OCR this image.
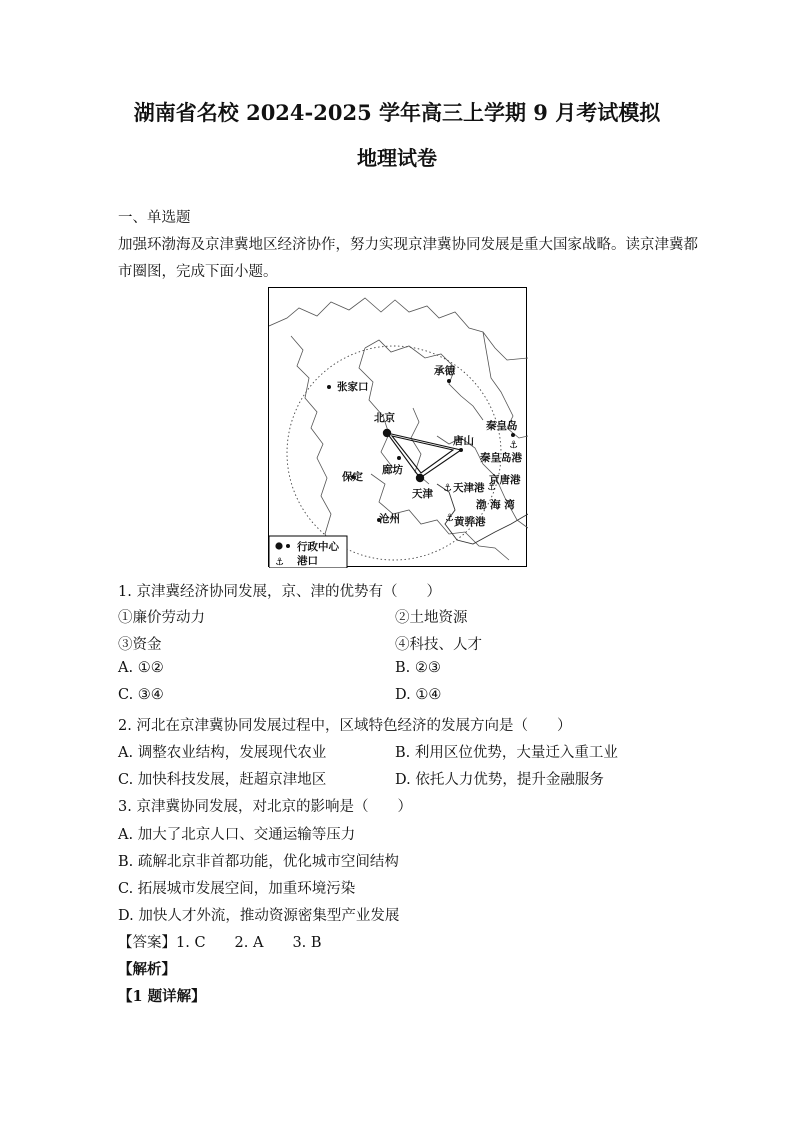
湖南省名校 2024-2025 学年高三上学期 9 月考试模拟
地理试卷
一、单选题
加强环渤海及京津冀地区经济协作，努力实现京津冀协同发展是重大国家战略。读京津冀都
市圈图，完成下面小题。
⚓
⚓
⚓
⚓
张家口
承德
北京
唐山
秦皇岛
秦皇岛港
廊坊
京唐港
保定
天津港
天津
渤 海 湾
沧州	黄骅港
行政中心
⚓ 港口
1. 京津冀经济协同发展，京、津的优势有（　　）
①廉价劳动力	②土地资源
③资金	④科技、人才
A. ①②	B. ②③
C. ③④	D. ①④
2. 河北在京津冀协同发展过程中，区域特色经济的发展方向是（　　）
A. 调整农业结构，发展现代农业	B. 利用区位优势，大量迁入重工业
C. 加快科技发展，赶超京津地区	D. 依托人力优势，提升金融服务
3. 京津冀协同发展，对北京的影响是（　　）
A. 加大了北京人口、交通运输等压力
B. 疏解北京非首都功能，优化城市空间结构
C. 拓展城市发展空间，加重环境污染
D. 加快人才外流，推动资源密集型产业发展
【答案】1. C　　2. A　　3. B
【解析】
【1 题详解】
